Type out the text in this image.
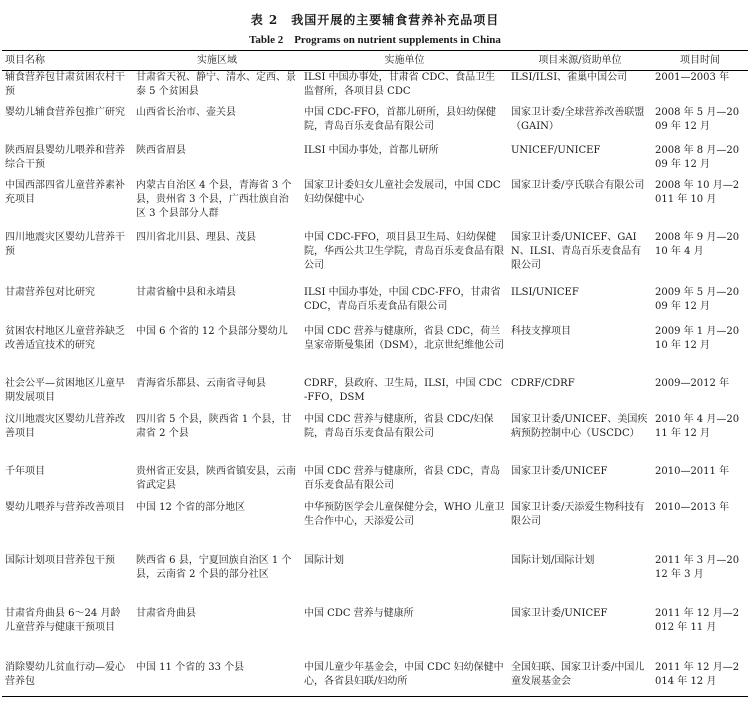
表 2　我国开展的主要辅食营养补充品项目
Table 2　Programs on nutrient supplements in China
项目名称	实施区域	实施单位	项目来源/资助单位	项目时间
辅食营养包甘肃贫困农村干预	甘肃省天祝、静宁、清水、定西、景泰 5 个贫困县	ILSI 中国办事处，甘肃省 CDC、食品卫生监督所，各项目县 CDC	ILSI/ILSI、雀巢中国公司	2001—2003 年
婴幼儿辅食营养包推广研究	山西省长治市、壶关县	中国 CDC-FFO，首都儿研所，县妇幼保健院，青岛百乐麦食品有限公司	国家卫计委/全球营养改善联盟（GAIN）	2008 年 5 月—2009 年 12 月
陕西眉县婴幼儿喂养和营养综合干预	陕西省眉县	ILSI 中国办事处，首都儿研所	UNICEF/UNICEF	2008 年 8 月—2009 年 12 月
中国西部四省儿童营养素补充项目	内蒙古自治区 4 个县，青海省 3 个县，贵州省 3 个县，广西壮族自治区 3 个县部分人群	国家卫计委妇女儿童社会发展司，中国 CDC 妇幼保健中心	国家卫计委/亨氏联合有限公司	2008 年 10 月—2011 年 10 月
四川地震灾区婴幼儿营养干预	四川省北川县、理县、茂县	中国 CDC-FFO，项目县卫生局、妇幼保健院，华西公共卫生学院，青岛百乐麦食品有限公司	国家卫计委/UNICEF、GAIN、ILSI、青岛百乐麦食品有限公司	2008 年 9 月—2010 年 4 月
甘肃营养包对比研究	甘肃省榆中县和永靖县	ILSI 中国办事处，中国 CDC-FFO，甘肃省 CDC，青岛百乐麦食品有限公司	ILSI/UNICEF	2009 年 5 月—2009 年 12 月
贫困农村地区儿童营养缺乏改善适宜技术的研究	中国 6 个省的 12 个县部分婴幼儿	中国 CDC 营养与健康所，省县 CDC，荷兰皇家帝斯曼集团（DSM），北京世纪维他公司	科技支撑项目	2009 年 1 月—2010 年 12 月
社会公平—贫困地区儿童早期发展项目	青海省乐都县、云南省寻甸县	CDRF，县政府、卫生局，ILSI，中国 CDC-FFO，DSM	CDRF/CDRF	2009—2012 年
汶川地震灾区婴幼儿营养改善项目	四川省 5 个县，陕西省 1 个县，甘肃省 2 个县	中国 CDC 营养与健康所，省县 CDC/妇保院，青岛百乐麦食品有限公司	国家卫计委/UNICEF、美国疾病预防控制中心（USCDC）	2010 年 4 月—2011 年 12 月
千年项目	贵州省正安县，陕西省镇安县，云南省武定县	中国 CDC 营养与健康所，省县 CDC，青岛百乐麦食品有限公司	国家卫计委/UNICEF	2010—2011 年
婴幼儿喂养与营养改善项目	中国 12 个省的部分地区	中华预防医学会儿童保健分会，WHO 儿童卫生合作中心，天添爱公司	国家卫计委/天添爱生物科技有限公司	2010—2013 年
国际计划项目营养包干预	陕西省 6 县，宁夏回族自治区 1 个县，云南省 2 个县的部分社区	国际计划	国际计划/国际计划	2011 年 3 月—2012 年 3 月
甘肃省舟曲县 6～24 月龄儿童营养与健康干预项目	甘肃省舟曲县	中国 CDC 营养与健康所	国家卫计委/UNICEF	2011 年 12 月—2012 年 11 月
消除婴幼儿贫血行动—爱心营养包	中国 11 个省的 33 个县	中国儿童少年基金会，中国 CDC 妇幼保健中心，各省县妇联/妇幼所	全国妇联、国家卫计委/中国儿童发展基金会	2011 年 12 月—2014 年 12 月
